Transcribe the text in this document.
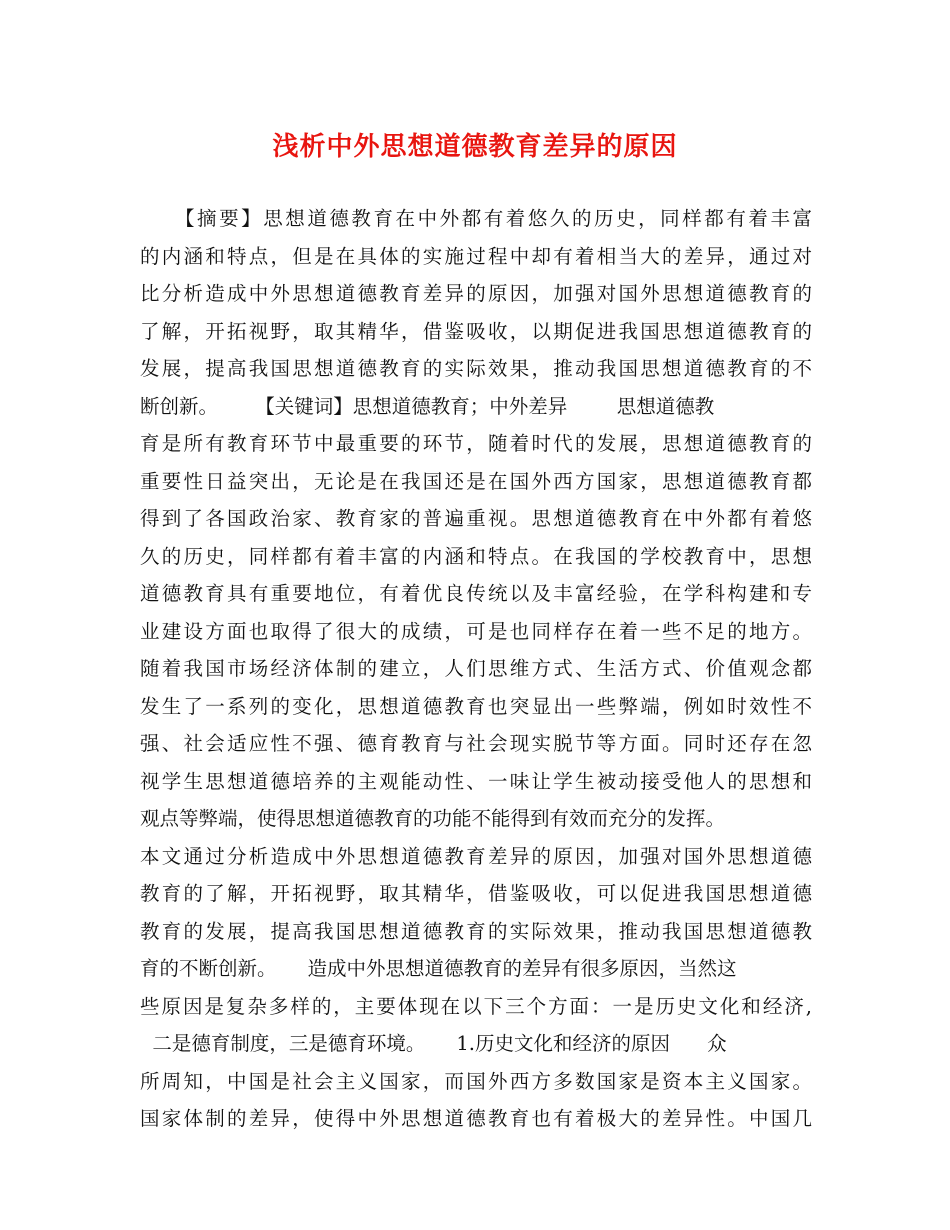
浅析中外思想道德教育差异的原因
【摘要】思想道德教育在中外都有着悠久的历史，同样都有着丰富
的内涵和特点，但是在具体的实施过程中却有着相当大的差异，通过对
比分析造成中外思想道德教育差异的原因，加强对国外思想道德教育的
了解，开拓视野，取其精华，借鉴吸收，以期促进我国思想道德教育的
发展，提高我国思想道德教育的实际效果，推动我国思想道德教育的不
断创新。      【关键词】思想道德教育；中外差异        思想道德教
育是所有教育环节中最重要的环节，随着时代的发展，思想道德教育的
重要性日益突出，无论是在我国还是在国外西方国家，思想道德教育都
得到了各国政治家、教育家的普遍重视。思想道德教育在中外都有着悠
久的历史，同样都有着丰富的内涵和特点。在我国的学校教育中，思想
道德教育具有重要地位，有着优良传统以及丰富经验，在学科构建和专
业建设方面也取得了很大的成绩，可是也同样存在着一些不足的地方。
随着我国市场经济体制的建立，人们思维方式、生活方式、价值观念都
发生了一系列的变化，思想道德教育也突显出一些弊端，例如时效性不
强、社会适应性不强、德育教育与社会现实脱节等方面。同时还存在忽
视学生思想道德培养的主观能动性、一味让学生被动接受他人的思想和
观点等弊端，使得思想道德教育的功能不能得到有效而充分的发挥。
本文通过分析造成中外思想道德教育差异的原因，加强对国外思想道德
教育的了解，开拓视野，取其精华，借鉴吸收，可以促进我国思想道德
教育的发展，提高我国思想道德教育的实际效果，推动我国思想道德教
育的不断创新。     造成中外思想道德教育的差异有很多原因，当然这
些原因是复杂多样的，主要体现在以下三个方面：一是历史文化和经济,
二是德育制度，三是德育环境。     1.历史文化和经济的原因      众
所周知，中国是社会主义国家，而国外西方多数国家是资本主义国家。
国家体制的差异，使得中外思想道德教育也有着极大的差异性。中国几
